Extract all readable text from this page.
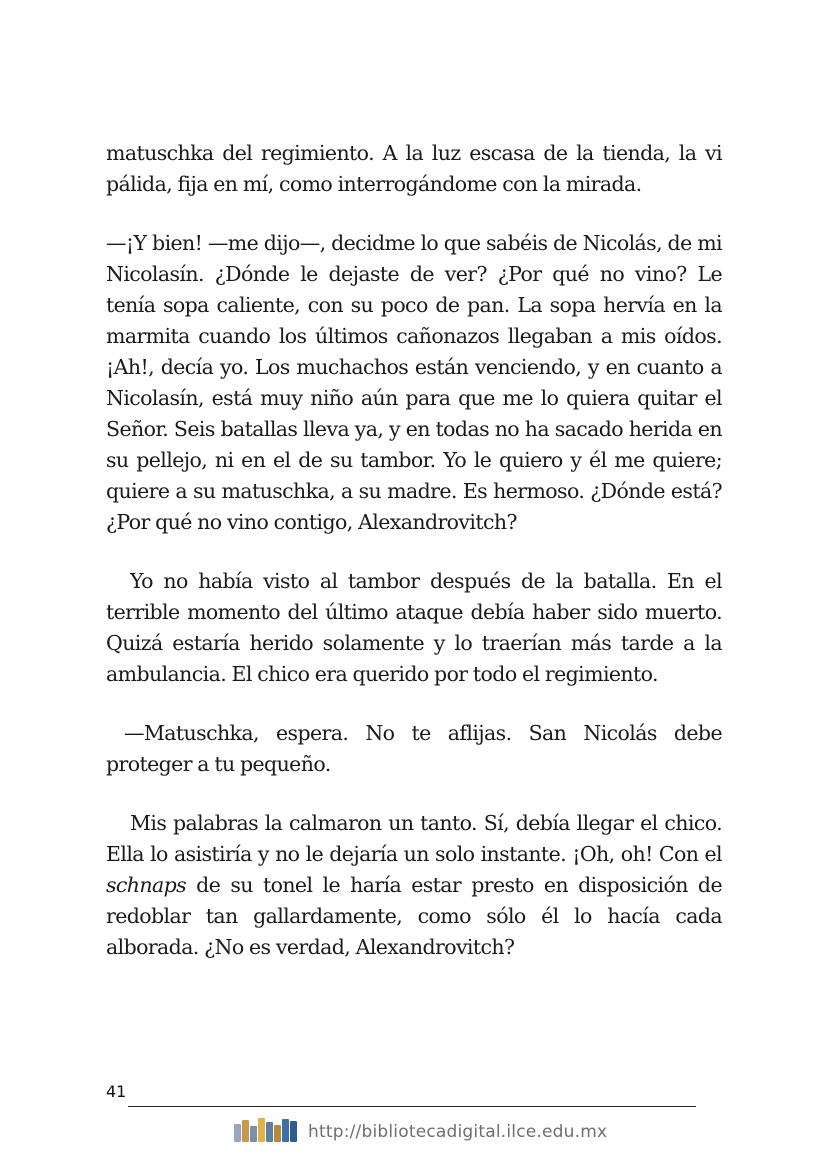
matuschka del regimiento. A la luz escasa de la tienda, la vi pálida, fija en mí, como interrogándome con la mirada.

—¡Y bien! —me dijo—, decidme lo que sabéis de Nicolás, de mi Nicolasín. ¿Dónde le dejaste de ver? ¿Por qué no vino? Le tenía sopa caliente, con su poco de pan. La sopa hervía en la marmita cuando los últimos cañonazos llegaban a mis oídos. ¡Ah!, decía yo. Los muchachos están venciendo, y en cuanto a Nicolasín, está muy niño aún para que me lo quiera quitar el Señor. Seis batallas lleva ya, y en todas no ha sacado herida en su pellejo, ni en el de su tambor. Yo le quiero y él me quiere; quiere a su matuschka, a su madre. Es hermoso. ¿Dónde está? ¿Por qué no vino contigo, Alexandrovitch?

Yo no había visto al tambor después de la batalla. En el terrible momento del último ataque debía haber sido muerto. Quizá estaría herido solamente y lo traerían más tarde a la ambulancia. El chico era querido por todo el regimiento.

—Matuschka, espera. No te aflijas. San Nicolás debe proteger a tu pequeño.

Mis palabras la calmaron un tanto. Sí, debía llegar el chico. Ella lo asistiría y no le dejaría un solo instante. ¡Oh, oh! Con el schnaps de su tonel le haría estar presto en disposición de redoblar tan gallardamente, como sólo él lo hacía cada alborada. ¿No es verdad, Alexandrovitch?

41
http://bibliotecadigital.ilce.edu.mx
